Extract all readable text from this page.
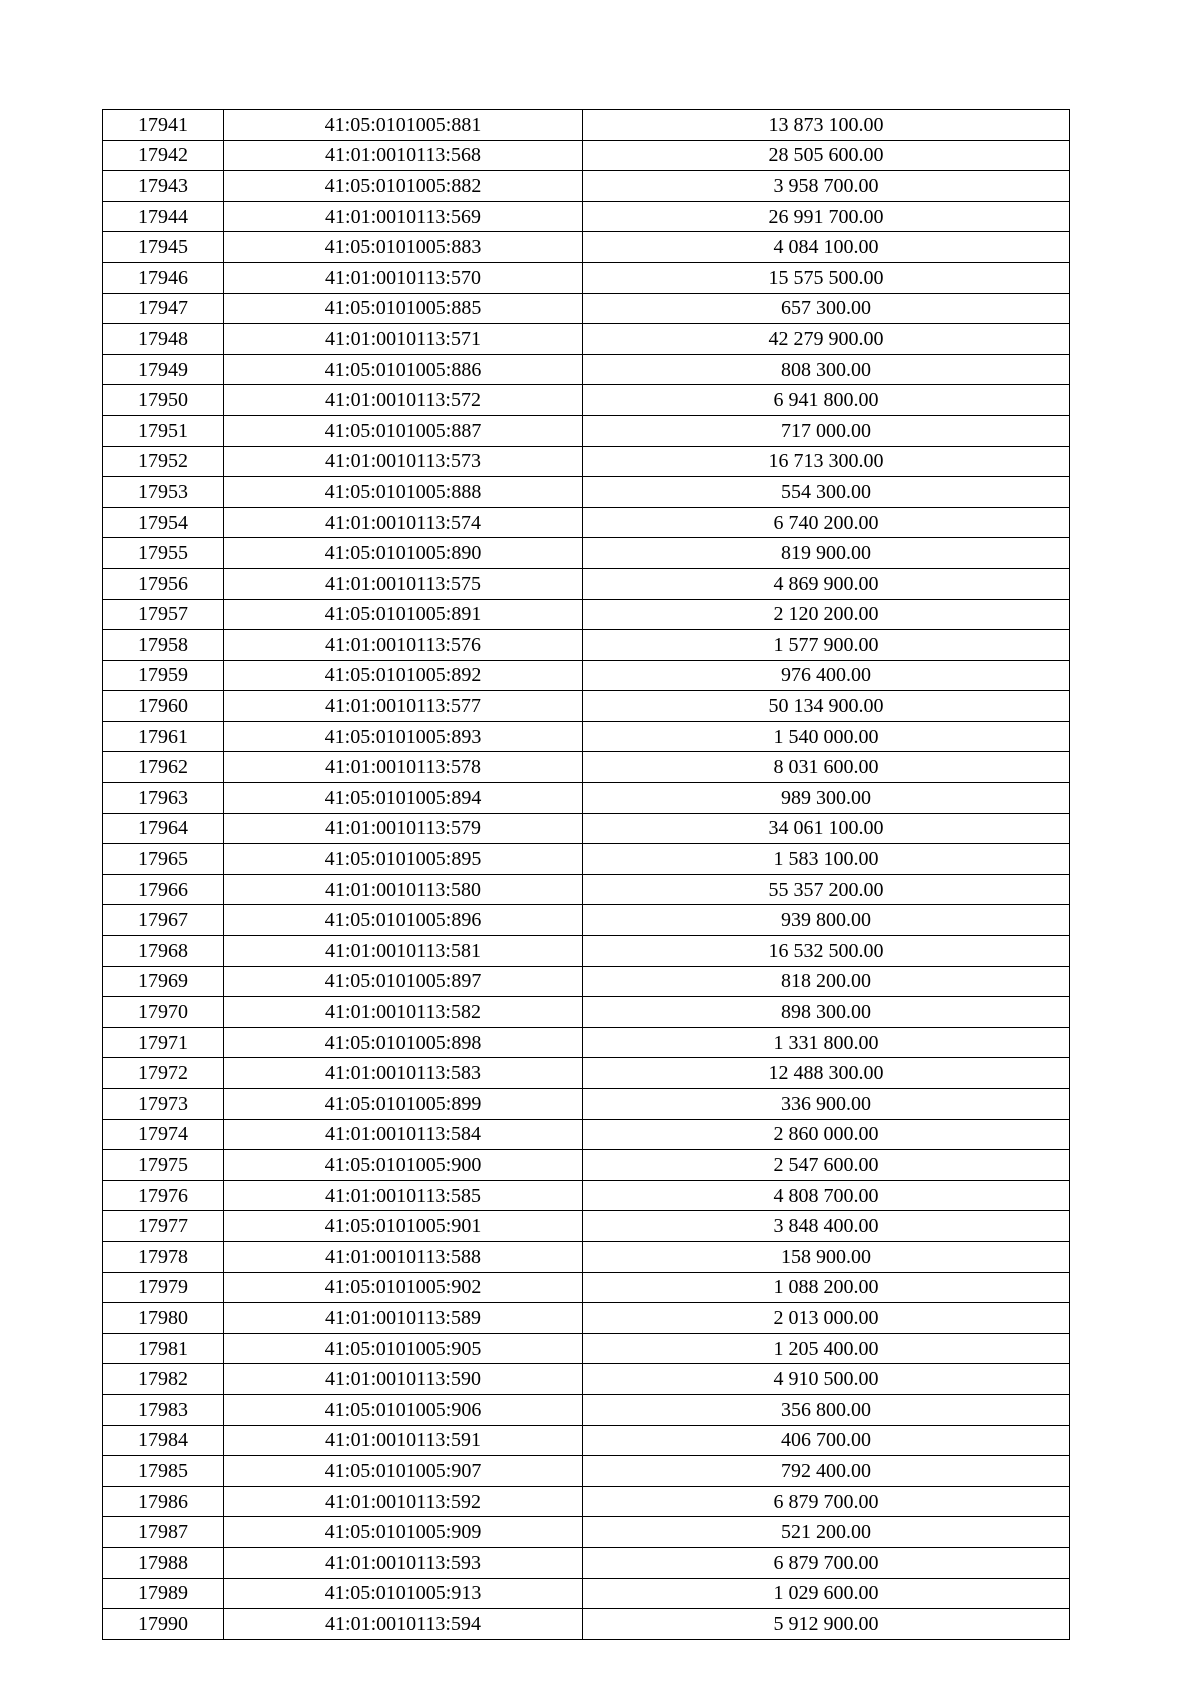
17941	41:05:0101005:881	13 873 100.00
17942	41:01:0010113:568	28 505 600.00
17943	41:05:0101005:882	3 958 700.00
17944	41:01:0010113:569	26 991 700.00
17945	41:05:0101005:883	4 084 100.00
17946	41:01:0010113:570	15 575 500.00
17947	41:05:0101005:885	657 300.00
17948	41:01:0010113:571	42 279 900.00
17949	41:05:0101005:886	808 300.00
17950	41:01:0010113:572	6 941 800.00
17951	41:05:0101005:887	717 000.00
17952	41:01:0010113:573	16 713 300.00
17953	41:05:0101005:888	554 300.00
17954	41:01:0010113:574	6 740 200.00
17955	41:05:0101005:890	819 900.00
17956	41:01:0010113:575	4 869 900.00
17957	41:05:0101005:891	2 120 200.00
17958	41:01:0010113:576	1 577 900.00
17959	41:05:0101005:892	976 400.00
17960	41:01:0010113:577	50 134 900.00
17961	41:05:0101005:893	1 540 000.00
17962	41:01:0010113:578	8 031 600.00
17963	41:05:0101005:894	989 300.00
17964	41:01:0010113:579	34 061 100.00
17965	41:05:0101005:895	1 583 100.00
17966	41:01:0010113:580	55 357 200.00
17967	41:05:0101005:896	939 800.00
17968	41:01:0010113:581	16 532 500.00
17969	41:05:0101005:897	818 200.00
17970	41:01:0010113:582	898 300.00
17971	41:05:0101005:898	1 331 800.00
17972	41:01:0010113:583	12 488 300.00
17973	41:05:0101005:899	336 900.00
17974	41:01:0010113:584	2 860 000.00
17975	41:05:0101005:900	2 547 600.00
17976	41:01:0010113:585	4 808 700.00
17977	41:05:0101005:901	3 848 400.00
17978	41:01:0010113:588	158 900.00
17979	41:05:0101005:902	1 088 200.00
17980	41:01:0010113:589	2 013 000.00
17981	41:05:0101005:905	1 205 400.00
17982	41:01:0010113:590	4 910 500.00
17983	41:05:0101005:906	356 800.00
17984	41:01:0010113:591	406 700.00
17985	41:05:0101005:907	792 400.00
17986	41:01:0010113:592	6 879 700.00
17987	41:05:0101005:909	521 200.00
17988	41:01:0010113:593	6 879 700.00
17989	41:05:0101005:913	1 029 600.00
17990	41:01:0010113:594	5 912 900.00
